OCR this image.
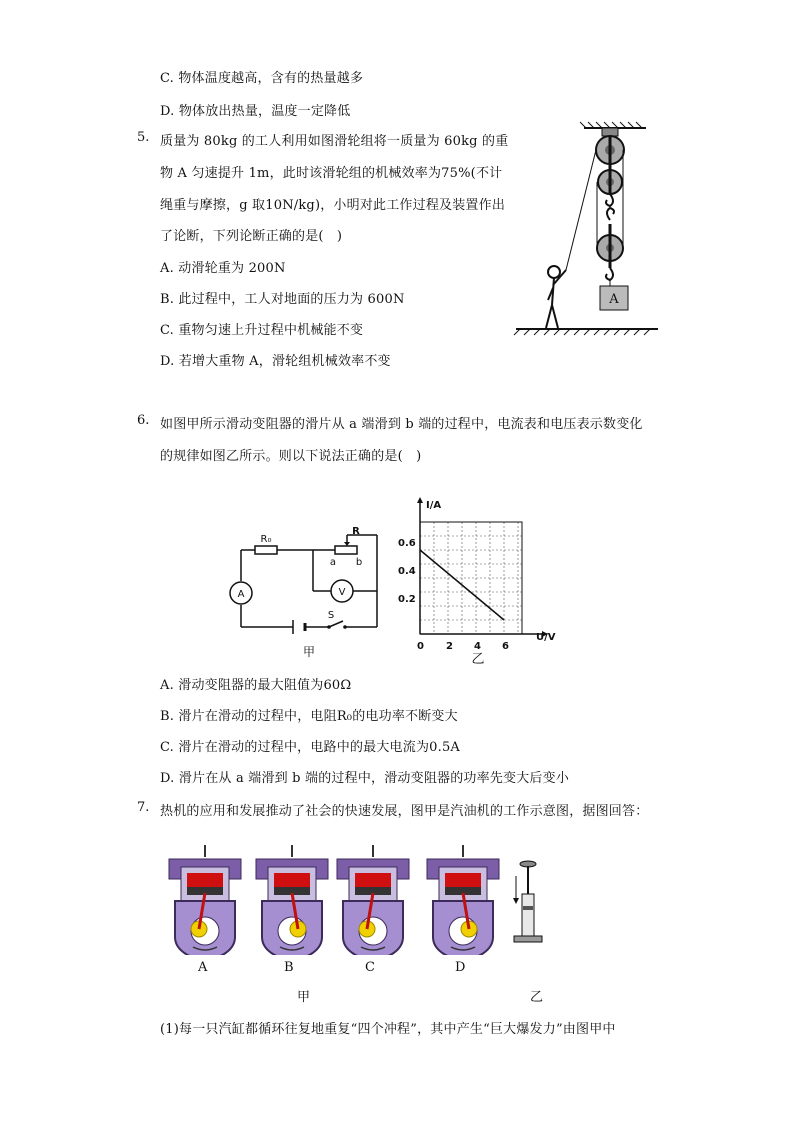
C. 物体温度越高，含有的热量越多
D. 物体放出热量，温度一定降低
5. 质量为 80kg 的工人利用如图滑轮组将一质量为 60kg 的重
物 A 匀速提升 1m，此时该滑轮组的机械效率为75%(不计
绳重与摩擦，g 取10N/kg)，小明对此工作过程及装置作出
了论断，下列论断正确的是(　)
A. 动滑轮重为 200N
B. 此过程中，工人对地面的压力为 600N
C. 重物匀速上升过程中机械能不变
D. 若增大重物 A，滑轮组机械效率不变
A
6. 如图甲所示滑动变阻器的滑片从 a 端滑到 b 端的过程中，电流表和电压表示数变化
的规律如图乙所示。则以下说法正确的是(　)
A	V
R₀
R
a b
S
甲
I/A
U/V
0.6
0.4
0.2
0 2 4 6
乙
A. 滑动变阻器的最大阻值为60Ω
B. 滑片在滑动的过程中，电阻R₀的电功率不断变大
C. 滑片在滑动的过程中，电路中的最大电流为0.5A
D. 滑片在从 a 端滑到 b 端的过程中，滑动变阻器的功率先变大后变小
7. 热机的应用和发展推动了社会的快速发展，图甲是汽油机的工作示意图，据图回答：
A	B	C	D
甲	乙
(1)每一只汽缸都循环往复地重复“四个冲程”，其中产生“巨大爆发力”由图甲中
